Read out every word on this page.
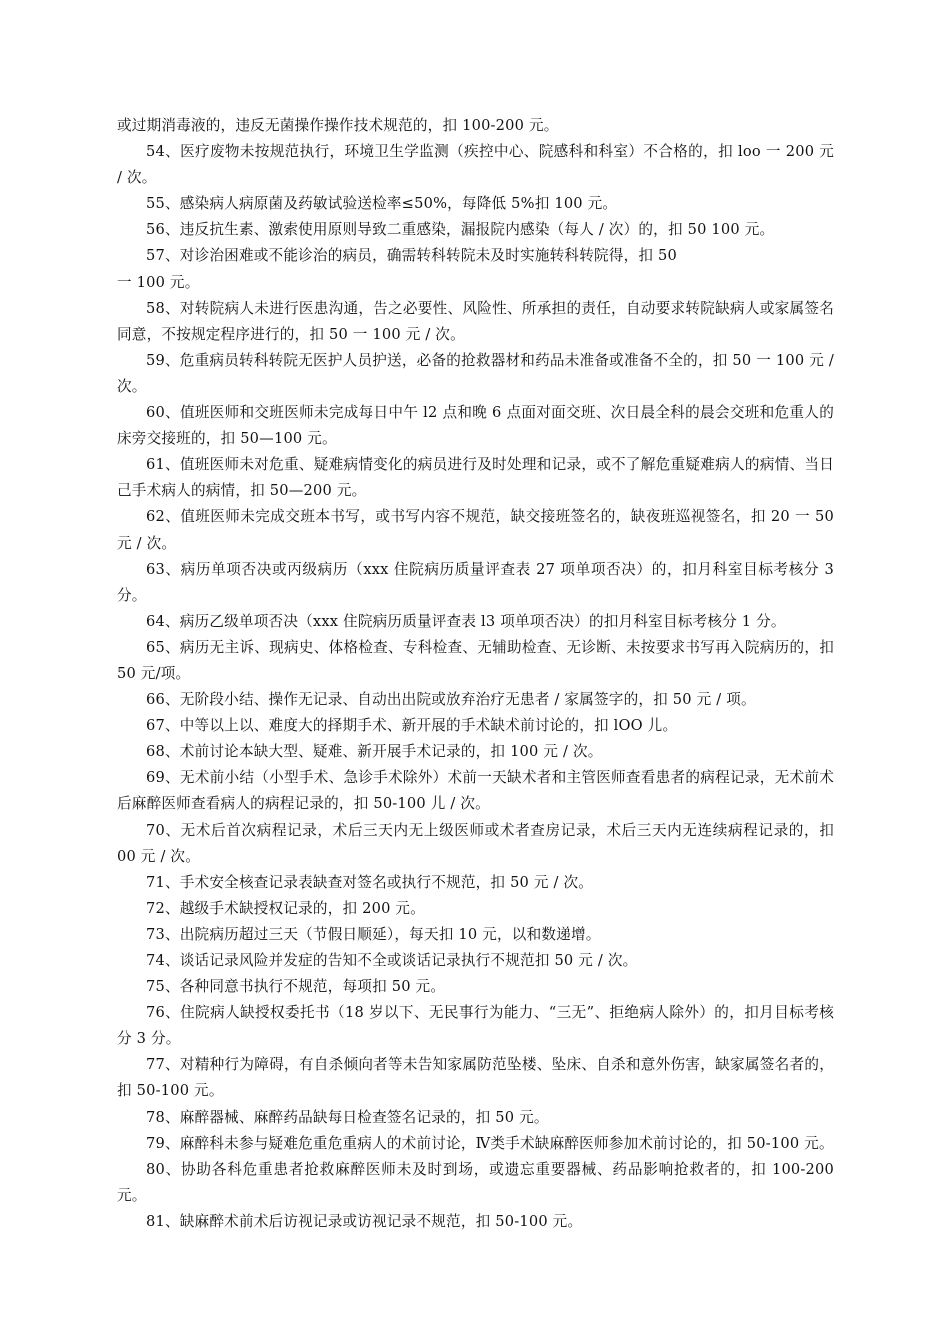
或过期消毒液的，违反无菌操作操作技术规范的，扣 100-200 元。

54、医疗废物未按规范执行，环境卫生学监测（疾控中心、院感科和科室）不合格的，扣 loo 一 200 元 / 次。

55、感染病人病原菌及药敏试验送检率≤50%，每降低 5%扣 100 元。

56、违反抗生素、激索使用原则导致二重感染，漏报院内感染（每人 / 次）的，扣 50 100 元。

57、对诊治困难或不能诊治的病员，确需转科转院未及时实施转科转院得，扣 50

一 100 元。

58、对转院病人未进行医患沟通，告之必要性、风险性、所承担的责任，自动要求转院缺病人或家属签名同意，不按规定程序进行的，扣 50 一 100 元 / 次。

59、危重病员转科转院无医护人员护送，必备的抢救器材和药品未准备或准备不全的，扣 50 一 100 元 / 次。

60、值班医师和交班医师未完成每日中午 l2 点和晚 6 点面对面交班、次日晨全科的晨会交班和危重人的床旁交接班的，扣 50—100 元。

61、值班医师未对危重、疑难病情变化的病员进行及时处理和记录，或不了解危重疑难病人的病情、当日己手术病人的病情，扣 50—200 元。

62、值班医师未完成交班本书写，或书写内容不规范，缺交接班签名的，缺夜班巡视签名，扣 20 一 50 元 / 次。

63、病历单项否决或丙级病历（xxx 住院病历质量评查表 27 项单项否决）的，扣月科室目标考核分 3 分。

64、病历乙级单项否决（xxx 住院病历质量评查表 l3 项单项否决）的扣月科室目标考核分 1 分。

65、病历无主诉、现病史、体格检查、专科检查、无辅助检查、无诊断、未按要求书写再入院病历的，扣 50 元/项。

66、无阶段小结、操作无记录、自动出出院或放弃治疗无患者 / 家属签字的，扣 50 元 / 项。

67、中等以上以、难度大的择期手术、新开展的手术缺术前讨论的，扣 lOO 儿。

68、术前讨论本缺大型、疑难、新开展手术记录的，扣 100 元 / 次。

69、无术前小结（小型手术、急诊手术除外）术前一天缺术者和主管医师查看患者的病程记录，无术前术后麻醉医师查看病人的病程记录的，扣 50-100 儿 / 次。

70、无术后首次病程记录，术后三天内无上级医师或术者查房记录，术后三天内无连续病程记录的，扣 00 元 / 次。

71、手术安全核查记录表缺查对签名或执行不规范，扣 50 元 / 次。

72、越级手术缺授权记录的，扣 200 元。

73、出院病历超过三天（节假日顺延），每天扣 10 元，以和数递增。

74、谈话记录风险并发症的告知不全或谈话记录执行不规范扣 50 元 / 次。

75、各种同意书执行不规范，每项扣 50 元。

76、住院病人缺授权委托书（18 岁以下、无民事行为能力、“三无”、拒绝病人除外）的，扣月目标考核分 3 分。

77、对精种行为障碍，有自杀倾向者等未告知家属防范坠楼、坠床、自杀和意外伤害，缺家属签名者的，扣 50-100 元。

78、麻醉器械、麻醉药品缺每日检查签名记录的，扣 50 元。

79、麻醉科未参与疑难危重危重病人的术前讨论，Ⅳ类手术缺麻醉医师参加术前讨论的，扣 50-100 元。

80、协助各科危重患者抢救麻醉医师未及时到场，或遗忘重要器械、药品影响抢救者的，扣 100-200 元。

81、缺麻醉术前术后访视记录或访视记录不规范，扣 50-100 元。
